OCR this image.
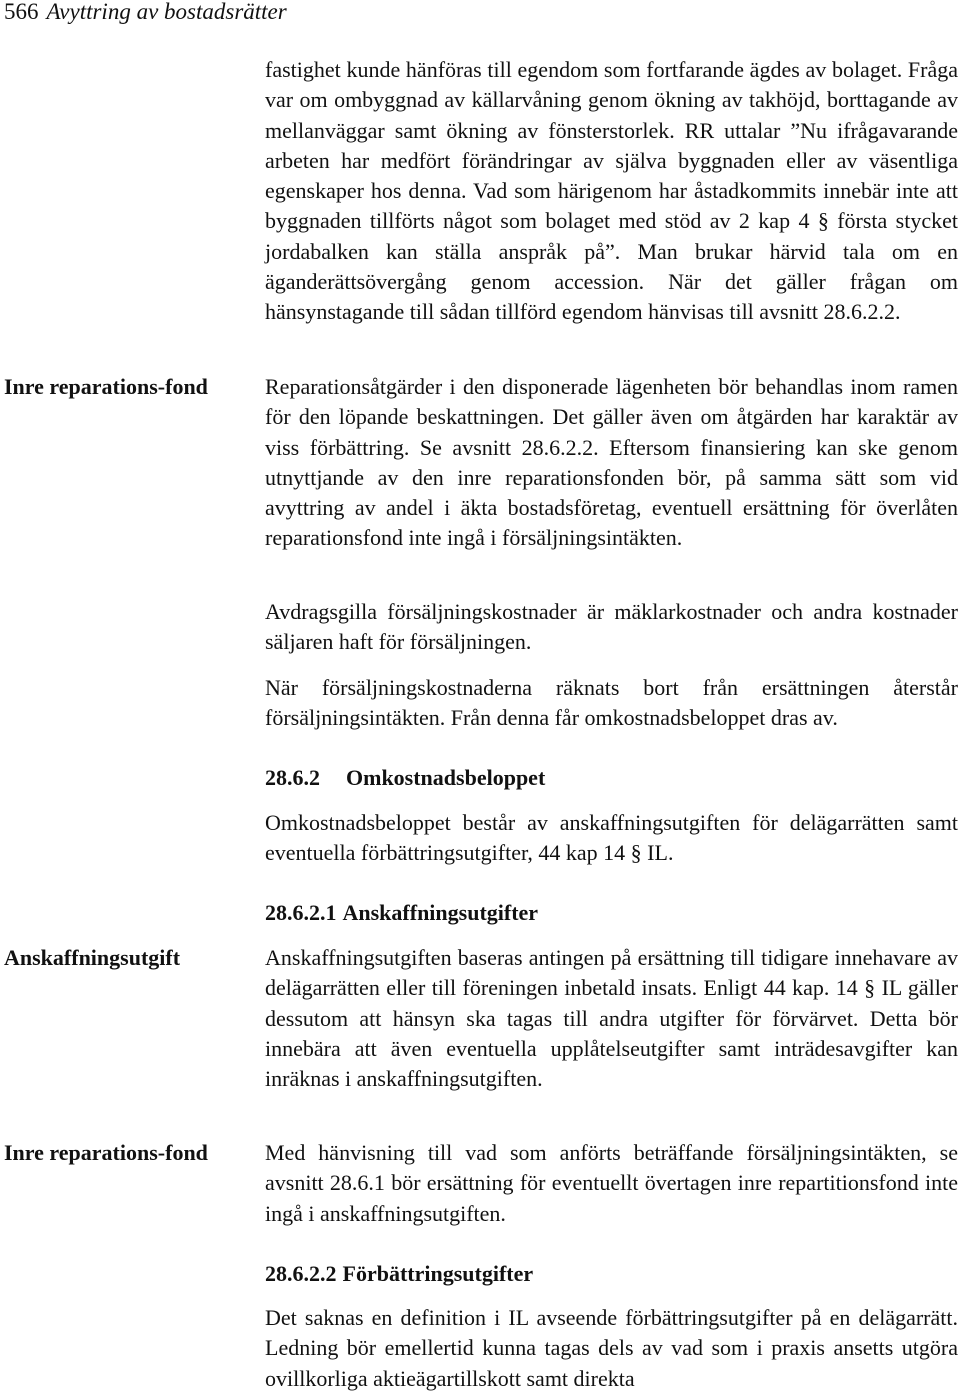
566 Avyttring av bostadsrätter
Inre reparations-fond
Anskaffningsutgift
Inre reparations-fond

fastighet kunde hänföras till egendom som fortfarande ägdes av bolaget. Fråga var om ombyggnad av källarvåning genom ökning av takhöjd, borttagande av mellanväggar samt ökning av fönsterstorlek. RR uttalar ”Nu ifrågavarande arbeten har medfört förändringar av själva byggnaden eller av väsentliga egenskaper hos denna. Vad som härigenom har åstadkommits innebär inte att byggnaden tillförts något som bolaget med stöd av 2 kap 4 § första stycket jordabalken kan ställa anspråk på”. Man brukar härvid tala om en äganderättsövergång genom accession. När det gäller frågan om hänsynstagande till sådan tillförd egendom hänvisas till avsnitt 28.6.2.2.

Reparationsåtgärder i den disponerade lägenheten bör behandlas inom ramen för den löpande beskattningen. Det gäller även om åtgärden har karaktär av viss förbättring. Se avsnitt 28.6.2.2. Eftersom finansiering kan ske genom utnyttjande av den inre reparationsfonden bör, på samma sätt som vid avyttring av andel i äkta bostadsföretag, eventuell ersättning för överlåten reparationsfond inte ingå i försäljningsintäkten.

Avdragsgilla försäljningskostnader är mäklarkostnader och andra kostnader säljaren haft för försäljningen.

När försäljningskostnaderna räknats bort från ersättningen återstår försäljningsintäkten. Från denna får omkostnadsbeloppet dras av.

28.6.2 Omkostnadsbeloppet

Omkostnadsbeloppet består av anskaffningsutgiften för delägarrätten samt eventuella förbättringsutgifter, 44 kap 14 § IL.

28.6.2.1 Anskaffningsutgifter

Anskaffningsutgiften baseras antingen på ersättning till tidigare innehavare av delägarrätten eller till föreningen inbetald insats. Enligt 44 kap. 14 § IL gäller dessutom att hänsyn ska tagas till andra utgifter för förvärvet. Detta bör innebära att även eventuella upplåtelseutgifter samt inträdesavgifter kan inräknas i anskaffningsutgiften.

Med hänvisning till vad som anförts beträffande försäljningsintäkten, se avsnitt 28.6.1 bör ersättning för eventuellt övertagen inre repartitionsfond inte ingå i anskaffningsutgiften.

28.6.2.2 Förbättringsutgifter

Det saknas en definition i IL avseende förbättringsutgifter på en delägarrätt. Ledning bör emellertid kunna tagas dels av vad som i praxis ansetts utgöra ovillkorliga aktieägartillskott samt direkta
